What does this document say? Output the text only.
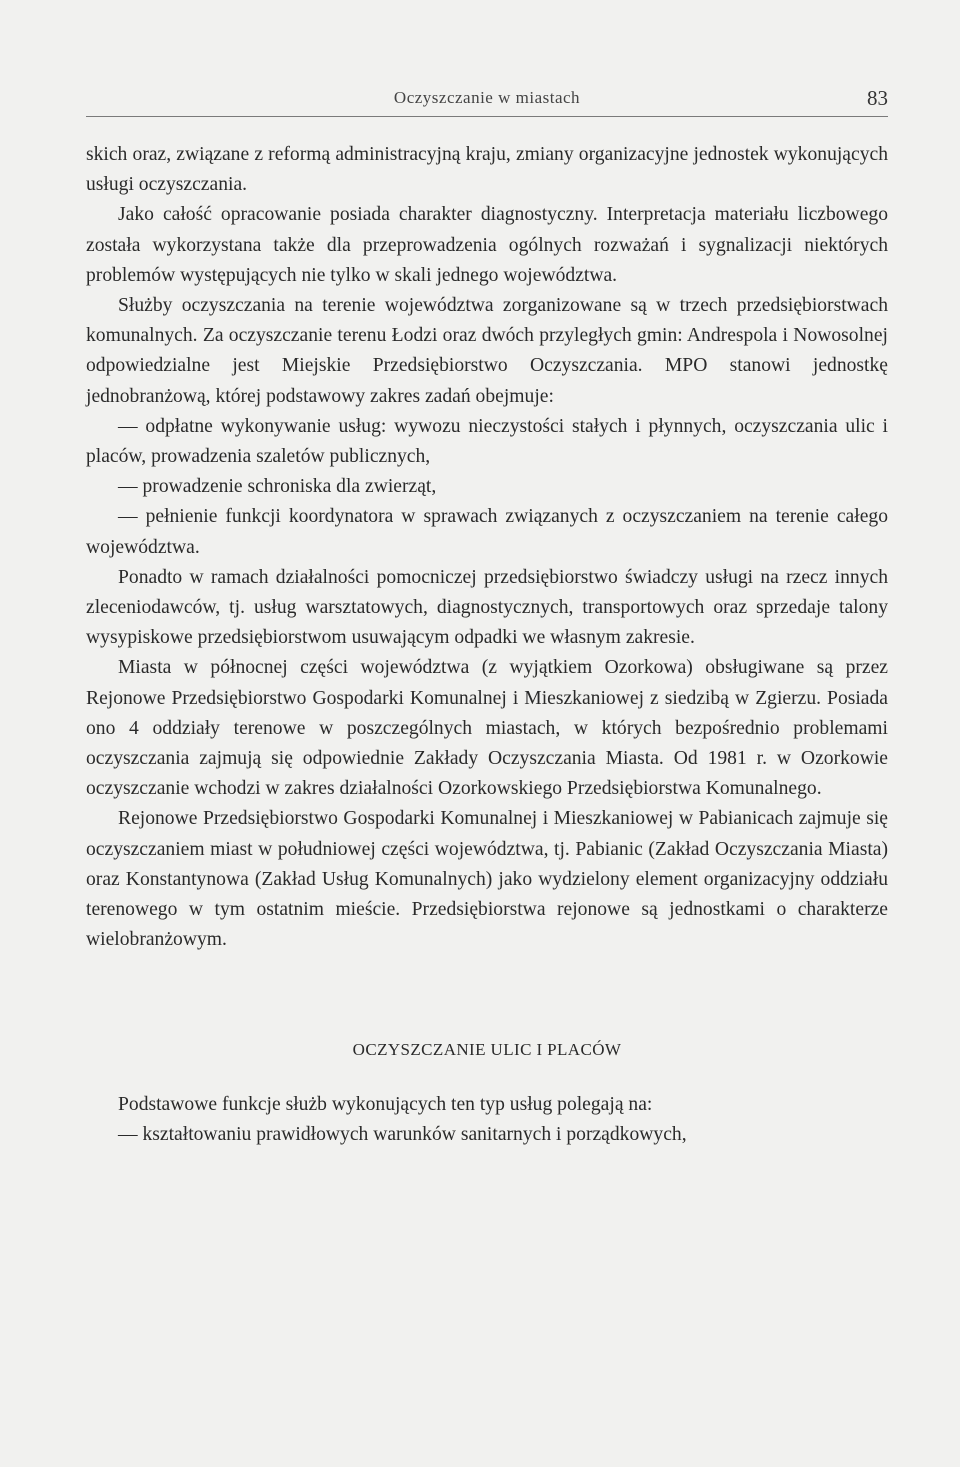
Oczyszczanie w miastach	83

skich oraz, związane z reformą administracyjną kraju, zmiany organizacyjne jednostek wykonujących usługi oczyszczania.

Jako całość opracowanie posiada charakter diagnostyczny. Interpretacja materiału liczbowego została wykorzystana także dla przeprowadzenia ogólnych rozważań i sygnalizacji niektórych problemów występujących nie tylko w skali jednego województwa.

Służby oczyszczania na terenie województwa zorganizowane są w trzech przedsiębiorstwach komunalnych. Za oczyszczanie terenu Łodzi oraz dwóch przyległych gmin: Andrespola i Nowosolnej odpowiedzialne jest Miejskie Przedsiębiorstwo Oczyszczania. MPO stanowi jednostkę jednobranżową, której podstawowy zakres zadań obejmuje:

— odpłatne wykonywanie usług: wywozu nieczystości stałych i płynnych, oczyszczania ulic i placów, prowadzenia szaletów publicznych,

— prowadzenie schroniska dla zwierząt,

— pełnienie funkcji koordynatora w sprawach związanych z oczyszczaniem na terenie całego województwa.

Ponadto w ramach działalności pomocniczej przedsiębiorstwo świadczy usługi na rzecz innych zleceniodawców, tj. usług warsztatowych, diagnostycznych, transportowych oraz sprzedaje talony wysypiskowe przedsiębiorstwom usuwającym odpadki we własnym zakresie.

Miasta w północnej części województwa (z wyjątkiem Ozorkowa) obsługiwane są przez Rejonowe Przedsiębiorstwo Gospodarki Komunalnej i Mieszkaniowej z siedzibą w Zgierzu. Posiada ono 4 oddziały terenowe w poszczególnych miastach, w których bezpośrednio problemami oczyszczania zajmują się odpowiednie Zakłady Oczyszczania Miasta. Od 1981 r. w Ozorkowie oczyszczanie wchodzi w zakres działalności Ozorkowskiego Przedsiębiorstwa Komunalnego.

Rejonowe Przedsiębiorstwo Gospodarki Komunalnej i Mieszkaniowej w Pabianicach zajmuje się oczyszczaniem miast w południowej części województwa, tj. Pabianic (Zakład Oczyszczania Miasta) oraz Konstantynowa (Zakład Usług Komunalnych) jako wydzielony element organizacyjny oddziału terenowego w tym ostatnim mieście. Przedsiębiorstwa rejonowe są jednostkami o charakterze wielobranżowym.

OCZYSZCZANIE ULIC I PLACÓW

Podstawowe funkcje służb wykonujących ten typ usług polegają na:

— kształtowaniu prawidłowych warunków sanitarnych i porządkowych,
